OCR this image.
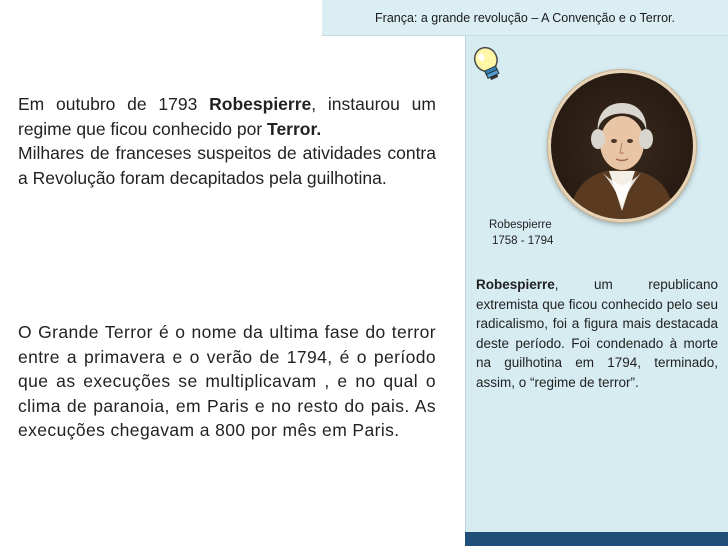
França: a grande revolução – A Convenção e o Terror.
Robespierre
1758 - 1794
Robespierre, um republicano extremista que ficou conhecido pelo seu radicalismo, foi a figura mais destacada deste período. Foi condenado à morte na guilhotina em 1794, terminado, assim, o “regime de terror”.
Em outubro de 1793 Robespierre, instaurou um regime que ficou conhecido por Terror.
Milhares de franceses suspeitos de atividades contra a Revolução foram decapitados pela guilhotina.
O Grande Terror é o nome da ultima fase do terror entre a primavera e o verão de 1794, é o período que as execuções se multiplicavam , e no qual o clima de paranoia, em Paris e no resto do pais. As execuções chegavam a 800 por mês em Paris.
